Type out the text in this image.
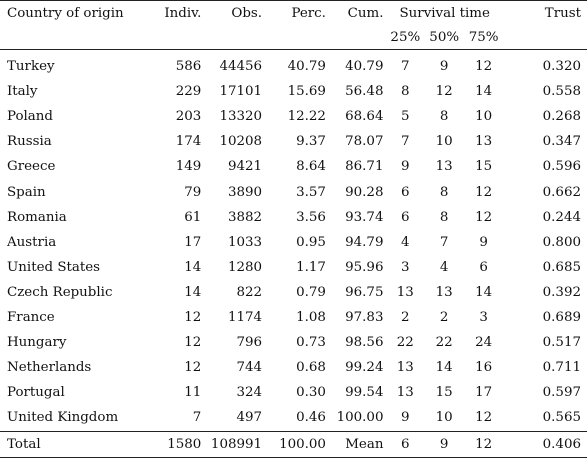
Country of origin	Indiv.	Obs.	Perc.	Cum.	Survival time			Trust
					25%	50%	75%	
Turkey	586	44456	40.79	40.79	7	9	12	0.320
Italy	229	17101	15.69	56.48	8	12	14	0.558
Poland	203	13320	12.22	68.64	5	8	10	0.268
Russia	174	10208	9.37	78.07	7	10	13	0.347
Greece	149	9421	8.64	86.71	9	13	15	0.596
Spain	79	3890	3.57	90.28	6	8	12	0.662
Romania	61	3882	3.56	93.74	6	8	12	0.244
Austria	17	1033	0.95	94.79	4	7	9	0.800
United States	14	1280	1.17	95.96	3	4	6	0.685
Czech Republic	14	822	0.79	96.75	13	13	14	0.392
France	12	1174	1.08	97.83	2	2	3	0.689
Hungary	12	796	0.73	98.56	22	22	24	0.517
Netherlands	12	744	0.68	99.24	13	14	16	0.711
Portugal	11	324	0.30	99.54	13	15	17	0.597
United Kingdom	7	497	0.46	100.00	9	10	12	0.565
Total	1580	108991	100.00	Mean	6	9	12	0.406
